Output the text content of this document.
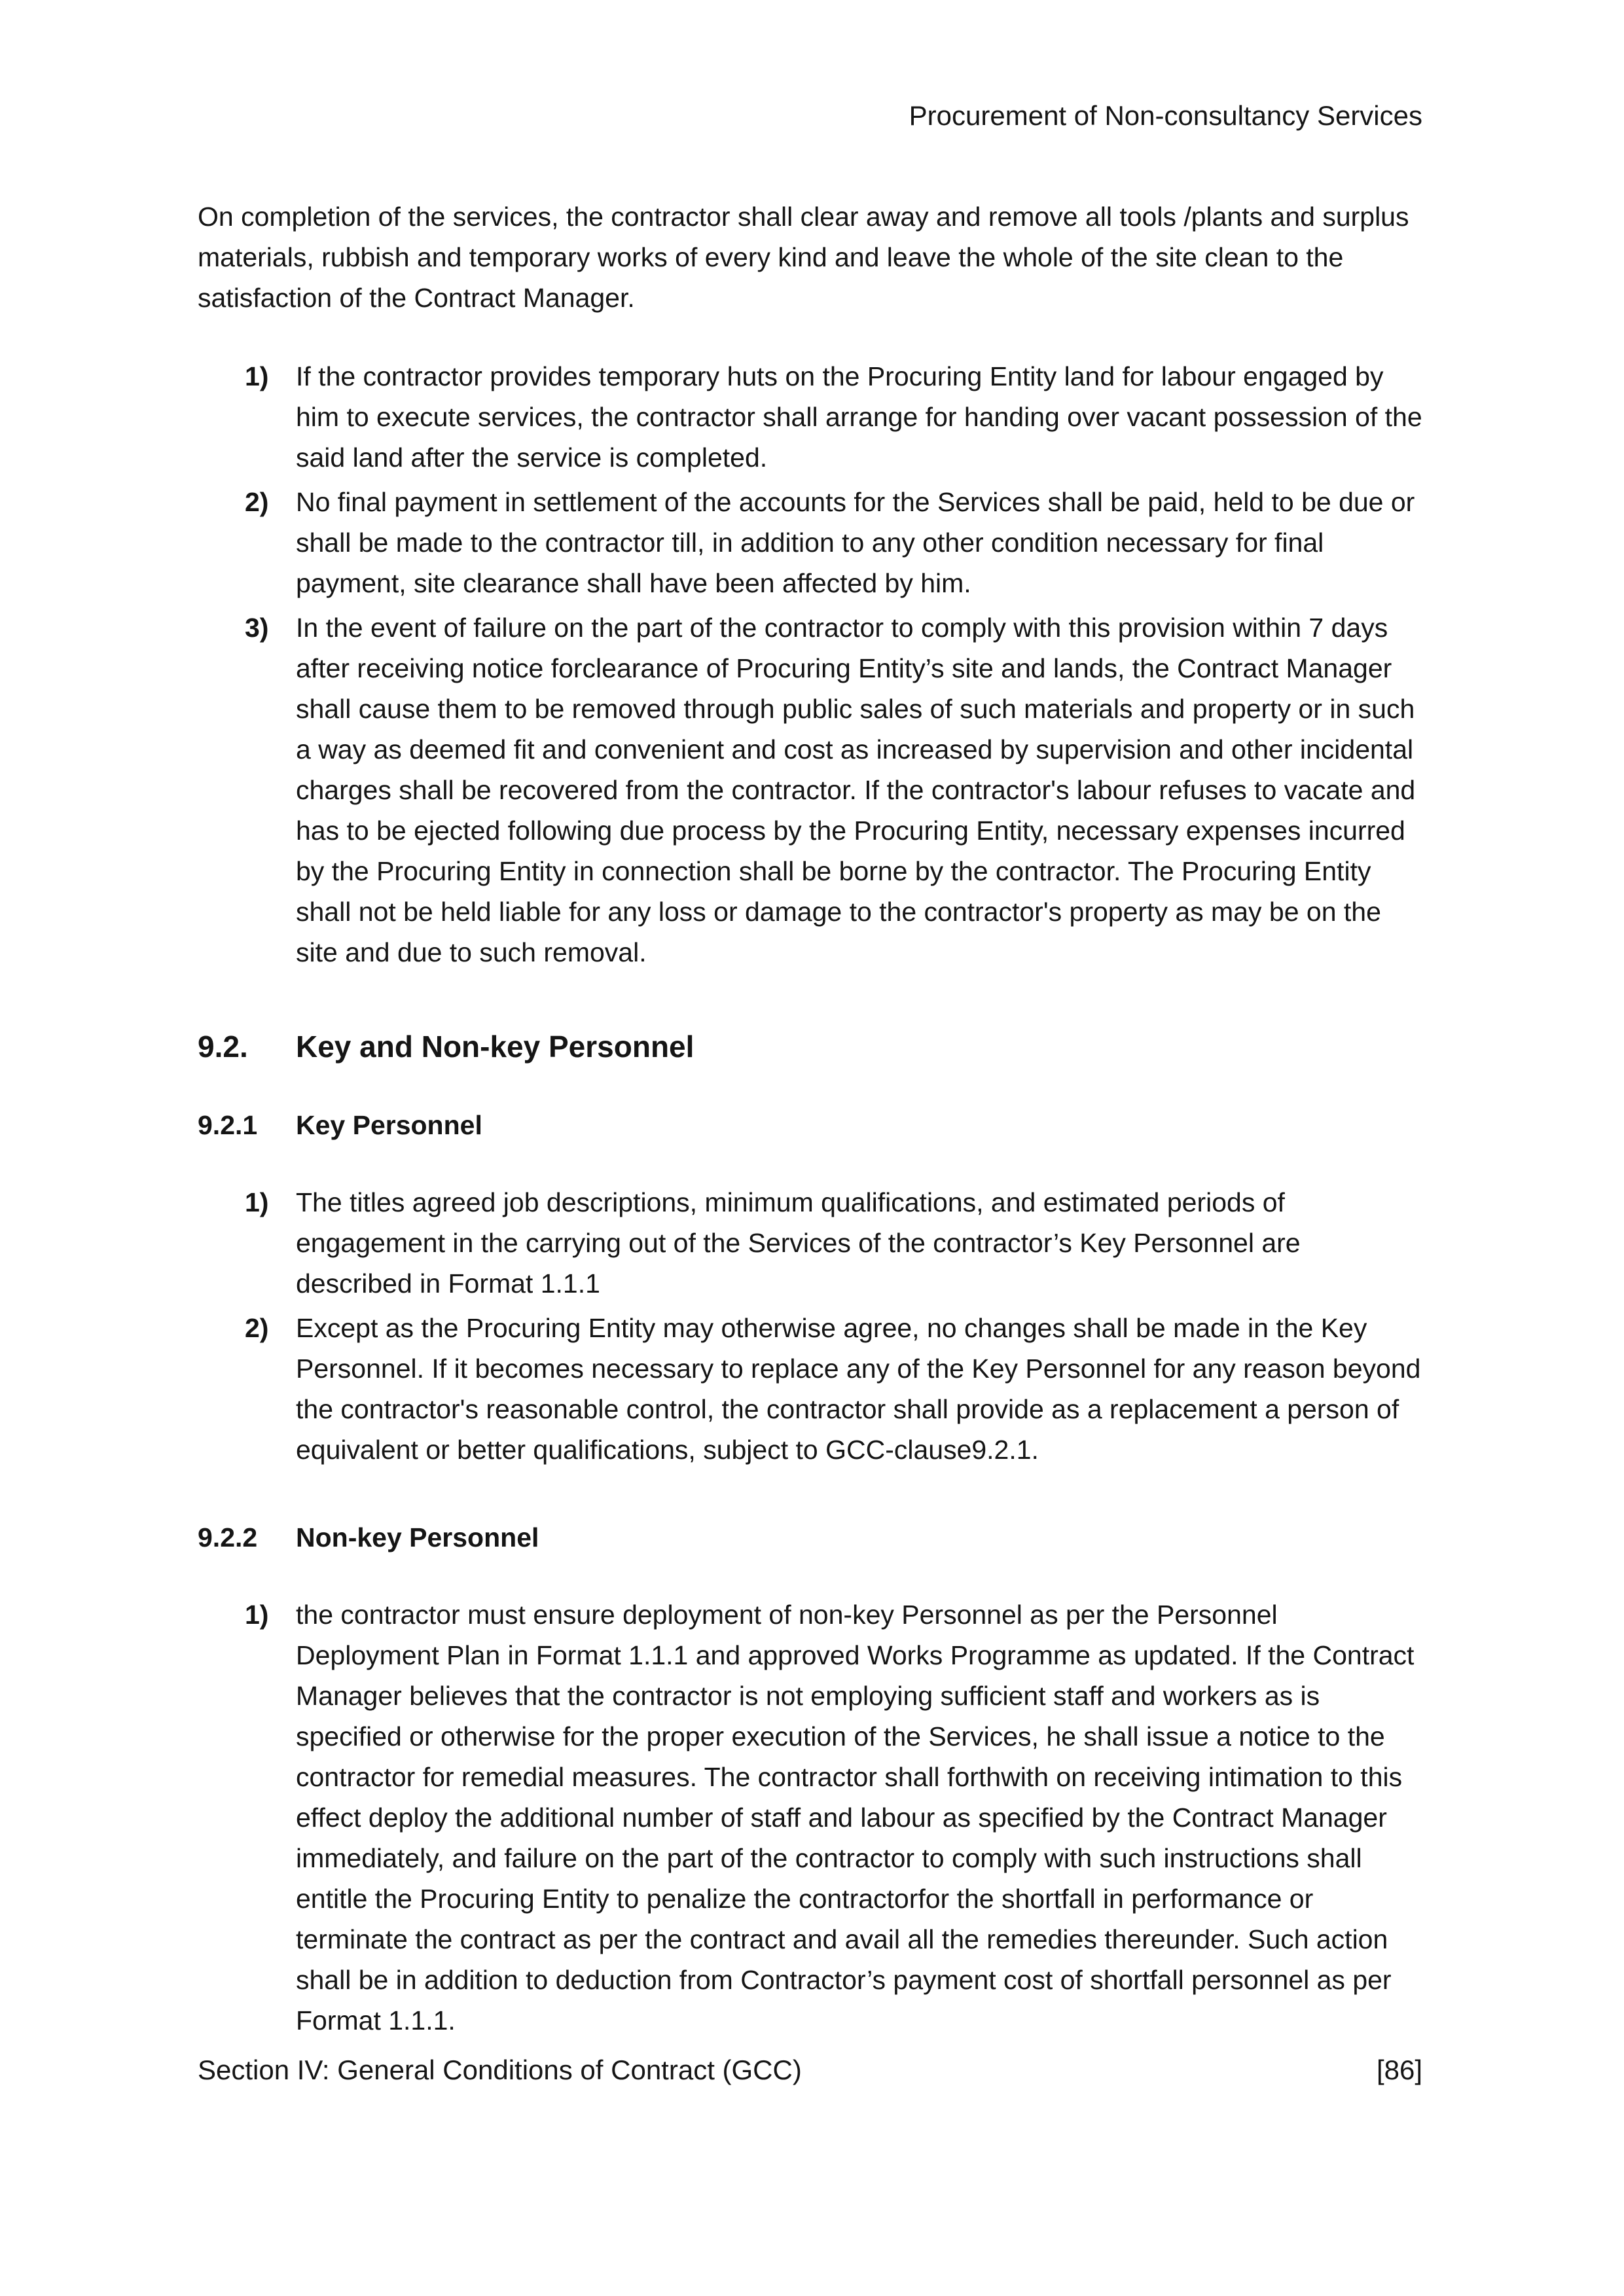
Procurement of Non-consultancy Services

On completion of the services, the contractor shall clear away and remove all tools /plants and surplus materials, rubbish and temporary works of every kind and leave the whole of the site clean to the satisfaction of the Contract Manager.

1)	If the contractor provides temporary huts on the Procuring Entity land for labour engaged by him to execute services, the contractor shall arrange for handing over vacant possession of the said land after the service is completed.
2)	No final payment in settlement of the accounts for the Services shall be paid, held to be due or shall be made to the contractor till, in addition to any other condition necessary for final payment, site clearance shall have been affected by him.
3)	In the event of failure on the part of the contractor to comply with this provision within 7 days after receiving notice forclearance of Procuring Entity’s site and lands, the Contract Manager shall cause them to be removed through public sales of such materials and property or in such a way as deemed fit and convenient and cost as increased by supervision and other incidental charges shall be recovered from the contractor. If the contractor's labour refuses to vacate and has to be ejected following due process by the Procuring Entity, necessary expenses incurred by the Procuring Entity in connection shall be borne by the contractor. The Procuring Entity shall not be held liable for any loss or damage to the contractor's property as may be on the site and due to such removal.
9.2.	Key and Non-key Personnel
9.2.1	Key Personnel
1)	The titles agreed job descriptions, minimum qualifications, and estimated periods of engagement in the carrying out of the Services of the contractor’s Key Personnel are described in Format 1.1.1
2)	Except as the Procuring Entity may otherwise agree, no changes shall be made in the Key Personnel. If it becomes necessary to replace any of the Key Personnel for any reason beyond the contractor's reasonable control, the contractor shall provide as a replacement a person of equivalent or better qualifications, subject to GCC-clause9.2.1.
9.2.2	Non-key Personnel
1)	the contractor must ensure deployment of non-key Personnel as per the Personnel Deployment Plan in Format 1.1.1 and approved Works Programme as updated. If the Contract Manager believes that the contractor is not employing sufficient staff and workers as is specified or otherwise for the proper execution of the Services, he shall issue a notice to the contractor for remedial measures. The contractor shall forthwith on receiving intimation to this effect deploy the additional number of staff and labour as specified by the Contract Manager immediately, and failure on the part of the contractor to comply with such instructions shall entitle the Procuring Entity to penalize the contractorfor the shortfall in performance or terminate the contract as per the contract and avail all the remedies thereunder. Such action shall be in addition to deduction from Contractor’s payment cost of shortfall personnel as per Format 1.1.1.
Section IV: General Conditions of Contract (GCC)	[86]
